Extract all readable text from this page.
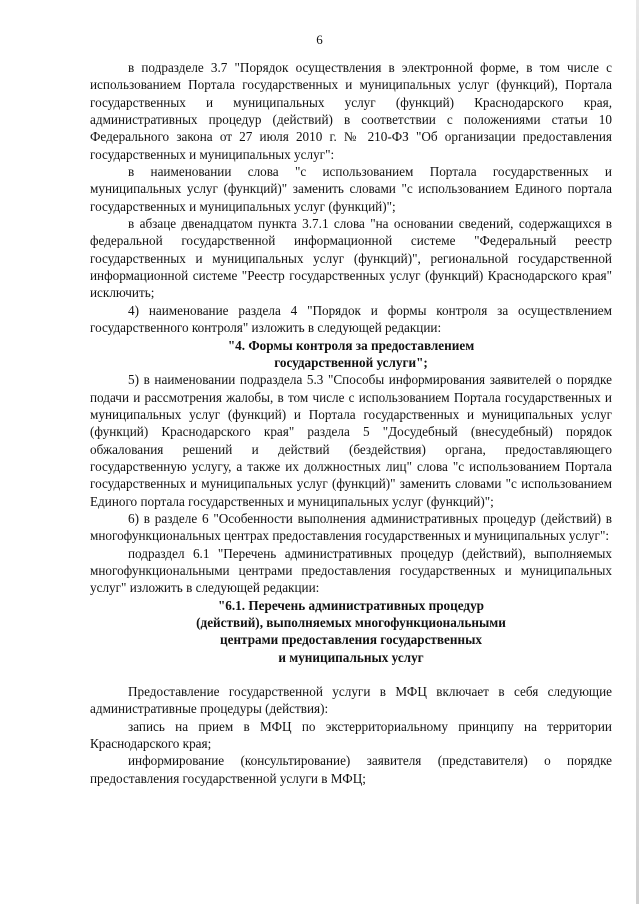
6

в подразделе 3.7 "Порядок осуществления в электронной форме, в том числе с использованием Портала государственных и муниципальных услуг (функций), Портала государственных и муниципальных услуг (функций) Краснодарского края, административных процедур (действий) в соответствии с положениями статьи 10 Федерального закона от 27 июля 2010 г. № 210-ФЗ "Об организации предоставления государственных и муниципальных услуг":

в наименовании слова "с использованием Портала государственных и муниципальных услуг (функций)" заменить словами "с использованием Единого портала государственных и муниципальных услуг (функций)";

в абзаце двенадцатом пункта 3.7.1 слова "на основании сведений, содержащихся в федеральной государственной информационной системе "Федеральный реестр государственных и муниципальных услуг (функций)", региональной государственной информационной системе "Реестр государственных услуг (функций) Краснодарского края" исключить;

4) наименование раздела 4 "Порядок и формы контроля за осуществлением государственного контроля" изложить в следующей редакции:

"4. Формы контроля за предоставлением

государственной услуги";

5) в наименовании подраздела 5.3 "Способы информирования заявителей о порядке подачи и рассмотрения жалобы, в том числе с использованием Портала государственных и муниципальных услуг (функций) и Портала государственных и муниципальных услуг (функций) Краснодарского края" раздела 5 "Досудебный (внесудебный) порядок обжалования решений и действий (бездействия) органа, предоставляющего государственную услугу, а также их должностных лиц" слова "с использованием Портала государственных и муниципальных услуг (функций)" заменить словами "с использованием Единого портала государственных и муниципальных услуг (функций)";

6) в разделе 6 "Особенности выполнения административных процедур (действий) в многофункциональных центрах предоставления государственных и муниципальных услуг":

подраздел 6.1 "Перечень административных процедур (действий), выполняемых многофункциональными центрами предоставления государственных и муниципальных услуг" изложить в следующей редакции:

"6.1. Перечень административных процедур

(действий), выполняемых многофункциональными

центрами предоставления государственных

и муниципальных услуг

Предоставление государственной услуги в МФЦ включает в себя следующие административные процедуры (действия):

запись на прием в МФЦ по экстерриториальному принципу на территории Краснодарского края;

информирование (консультирование) заявителя (представителя) о порядке предоставления государственной услуги в МФЦ;
